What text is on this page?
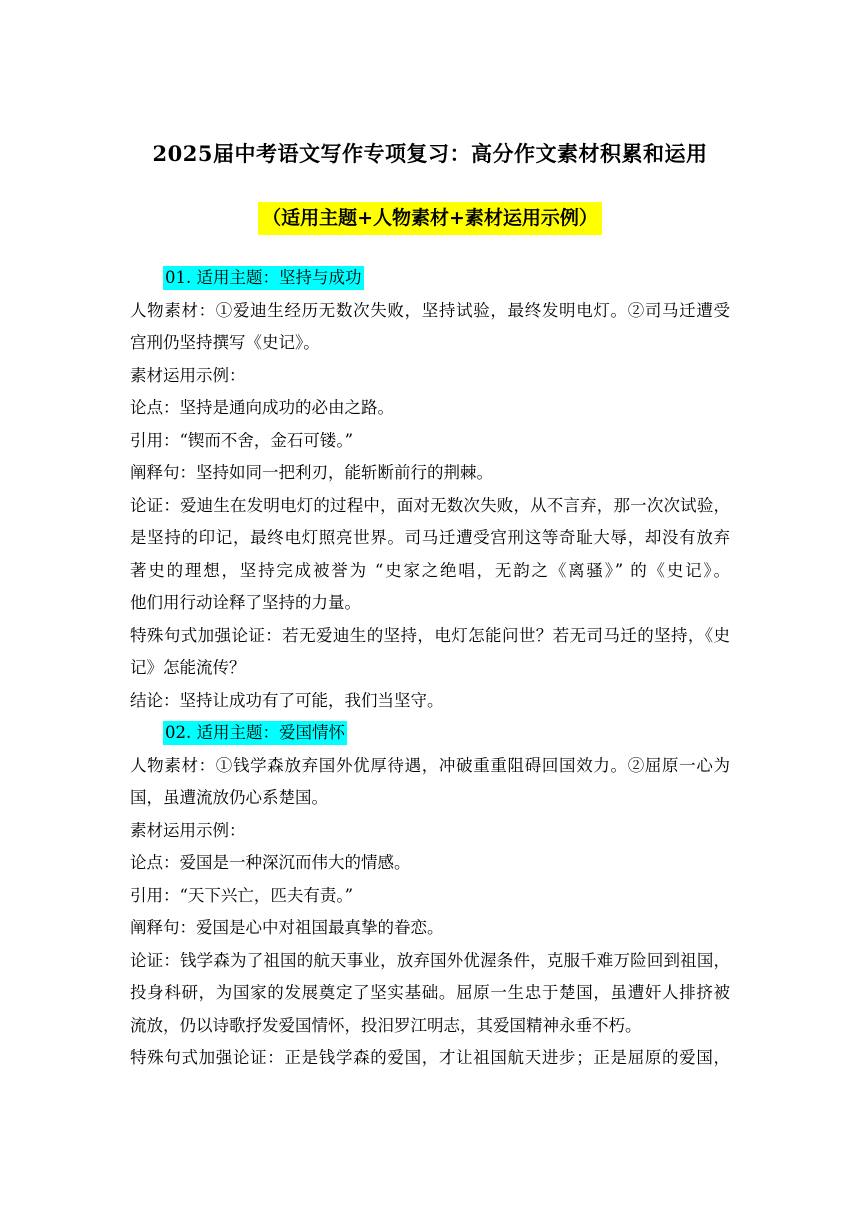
2025届中考语文写作专项复习：高分作文素材积累和运用
（适用主题+人物素材+素材运用示例）
01. 适用主题：坚持与成功
人物素材：①爱迪生经历无数次失败，坚持试验，最终发明电灯。②司马迁遭受
宫刑仍坚持撰写《史记》。
素材运用示例：
论点：坚持是通向成功的必由之路。
引用：“锲而不舍，金石可镂。”
阐释句：坚持如同一把利刃，能斩断前行的荆棘。
论证：爱迪生在发明电灯的过程中，面对无数次失败，从不言弃，那一次次试验，
是坚持的印记，最终电灯照亮世界。司马迁遭受宫刑这等奇耻大辱，却没有放弃
著史的理想，坚持完成被誉为 “史家之绝唱，无韵之《离骚》” 的《史记》。
他们用行动诠释了坚持的力量。
特殊句式加强论证：若无爱迪生的坚持，电灯怎能问世？若无司马迁的坚持，《史
记》怎能流传？
结论：坚持让成功有了可能，我们当坚守。
02. 适用主题：爱国情怀
人物素材：①钱学森放弃国外优厚待遇，冲破重重阻碍回国效力。②屈原一心为
国，虽遭流放仍心系楚国。
素材运用示例：
论点：爱国是一种深沉而伟大的情感。
引用：“天下兴亡，匹夫有责。”
阐释句：爱国是心中对祖国最真挚的眷恋。
论证：钱学森为了祖国的航天事业，放弃国外优渥条件，克服千难万险回到祖国，
投身科研，为国家的发展奠定了坚实基础。屈原一生忠于楚国，虽遭奸人排挤被
流放，仍以诗歌抒发爱国情怀，投汨罗江明志，其爱国精神永垂不朽。
特殊句式加强论证：正是钱学森的爱国，才让祖国航天进步；正是屈原的爱国，
